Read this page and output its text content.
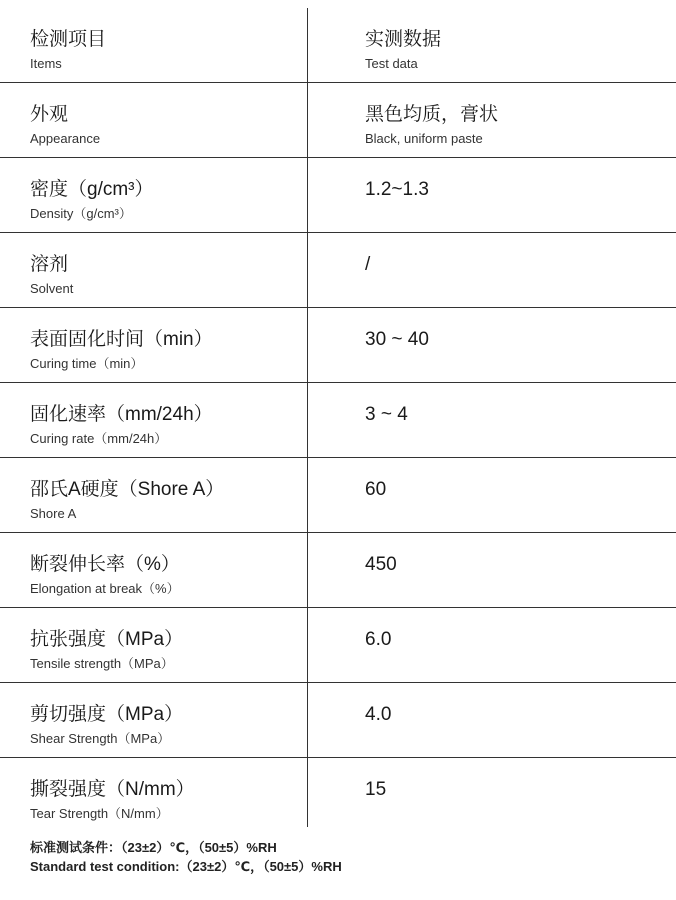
检测项目
Items
实测数据
Test data
外观
Appearance
黑色均质，膏状
Black, uniform paste
密度（g/cm³）
Density（g/cm³）
1.2~1.3
溶剂
Solvent
/
表面固化时间（min）
Curing time（min）
30 ~ 40
固化速率（mm/24h）
Curing rate（mm/24h）
3 ~ 4
邵氏A硬度（Shore A）
Shore A
60
断裂伸长率（%）
Elongation at break（%）
450
抗张强度（MPa）
Tensile strength（MPa）
6.0
剪切强度（MPa）
Shear Strength（MPa）
4.0
撕裂强度（N/mm）
Tear Strength（N/mm）
15
标准测试条件：（23±2）℃，（50±5）%RH
Standard test condition:（23±2）℃，（50±5）%RH
